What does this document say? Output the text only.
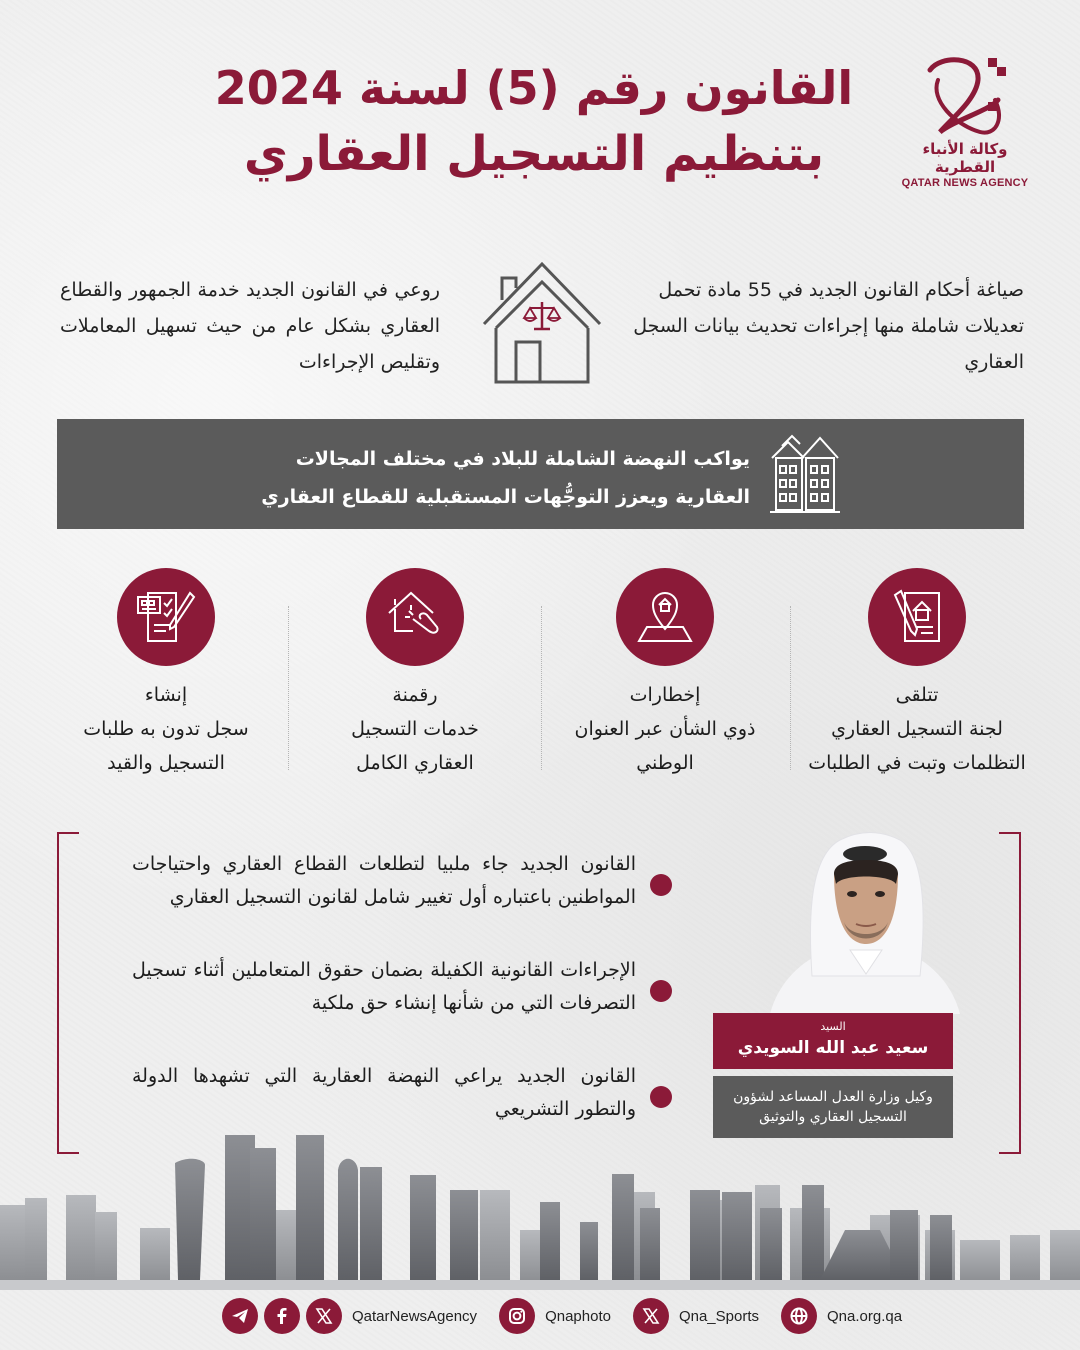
وكالة الأنباء القطرية
QATAR NEWS AGENCY
القانون رقم (5) لسنة 2024
بتنظيم التسجيل العقاري
صياغة أحكام القانون الجديد في 55 مادة تحمل تعديلات شاملة منها إجراءات تحديث بيانات السجل العقاري
روعي في القانون الجديد خدمة الجمهور والقطاع العقاري بشكل عام من حيث تسهيل المعاملات وتقليص الإجراءات
يواكب النهضة الشاملة للبلاد في مختلف المجالات
العقارية ويعزز التوجُّهات المستقبلية للقطاع العقاري
تتلقى
لجنة التسجيل العقاري
التظلمات وتبت في الطلبات
إخطارات
ذوي الشأن عبر العنوان
الوطني
رقمنة
خدمات التسجيل
العقاري الكامل
إنشاء
سجل تدون به طلبات
التسجيل والقيد
القانون الجديد جاء ملبيا لتطلعات القطاع العقاري واحتياجات المواطنين باعتباره أول تغيير شامل لقانون التسجيل العقاري
الإجراءات القانونية الكفيلة بضمان حقوق المتعاملين أثناء تسجيل التصرفات التي من شأنها إنشاء حق ملكية
القانون الجديد يراعي النهضة العقارية التي تشهدها الدولة والتطور التشريعي
السيد
سعيد عبد الله السويدي
وكيل وزارة العدل المساعد لشؤون التسجيل العقاري والتوثيق
QatarNewsAgency	Qnaphoto	Qna_Sports	Qna.org.qa
